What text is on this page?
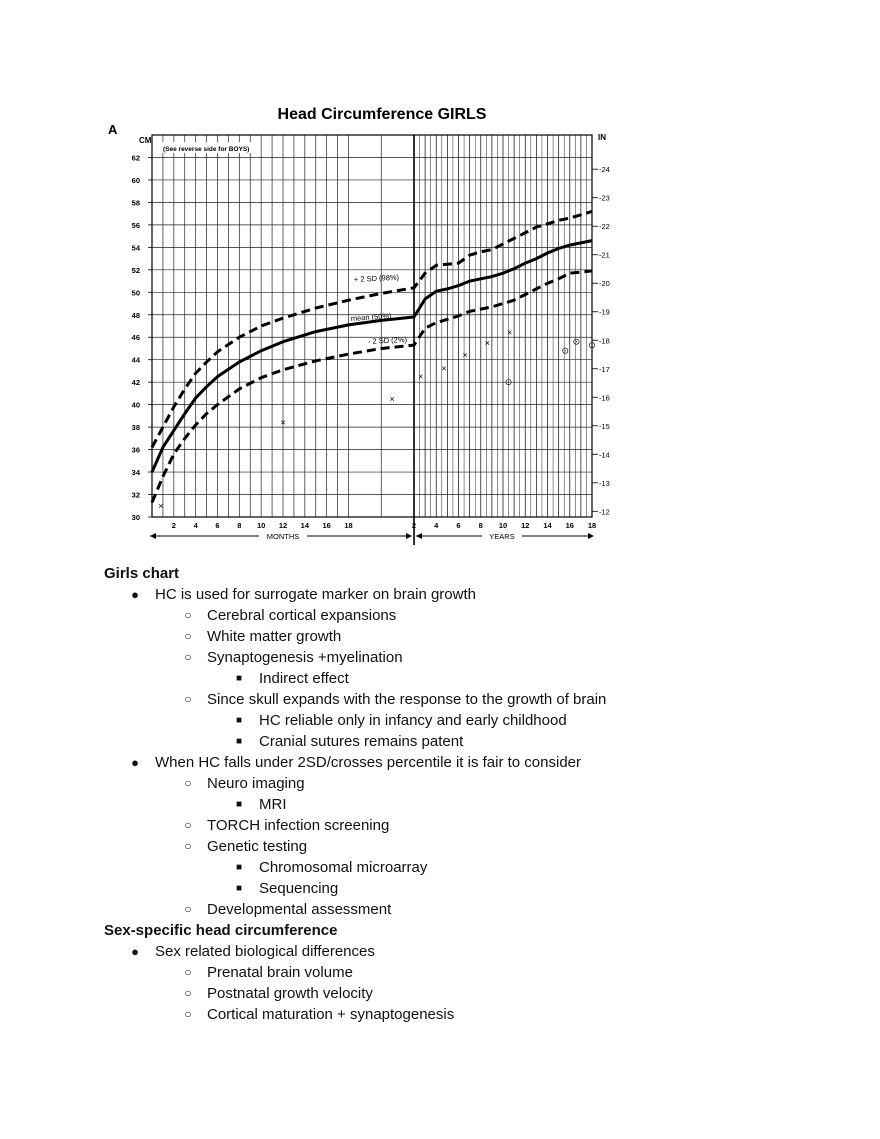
Head Circumference GIRLS
A
CM	IN
(See reverse side for BOYS)
30
32
34
36
38
40
42
44
46
48
50
52
54
56
58
60
62
-12
-13
-14
-15
-16
-17
-18
-19
-20
-21
-22
-23
-24
2 4 6 8 10 12 14 16 18	2 4 6 8 10 12 14 16 18
+ 2 SD (98%)
mean (50%)
- 2 SD (2%)
×
×
×
×
×
×
×
×
⊙
⊙
⊙ ⊙
MONTHS	YEARS
Girls chart
● HC is used for surrogate marker on brain growth
○ Cerebral cortical expansions
○ White matter growth
○ Synaptogenesis +myelination
■ Indirect effect
○ Since skull expands with the response to the growth of brain
■ HC reliable only in infancy and early childhood
■ Cranial sutures remains patent
● When HC falls under 2SD/crosses percentile it is fair to consider
○ Neuro imaging
■ MRI
○ TORCH infection screening
○ Genetic testing
■ Chromosomal microarray
■ Sequencing
○ Developmental assessment
Sex-specific head circumference
● Sex related biological differences
○ Prenatal brain volume
○ Postnatal growth velocity
○ Cortical maturation + synaptogenesis
